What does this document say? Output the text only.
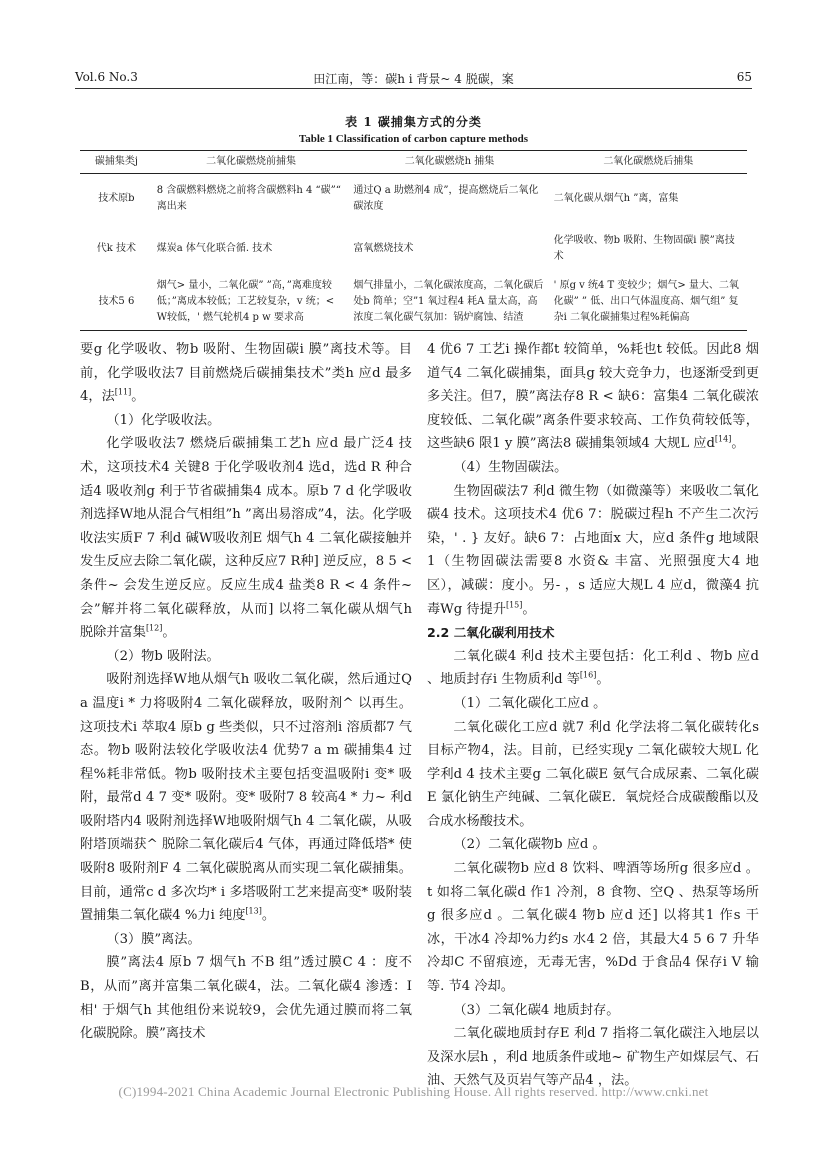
Vol.6 No.3	田江南，等：碳h i 背景~ 4 脱碳，案	65
表 1 碳捕集方式的分类
Table 1 Classification of carbon capture methods
碳捕集类j	二氧化碳燃烧前捕集	二氧化碳燃烧h 捕集	二氧化碳燃烧后捕集
技术原b	8 含碳燃料燃烧之前将含碳燃料h 4 “碳”“ 离出来	通过Q a 助燃剂4 成”，提高燃烧后二氧化碳浓度	二氧化碳从烟气h ”离，富集
代k 技术	煤炭a 体气化联合循. 技术	富氧燃烧技术	化学吸收、物b 吸附、生物固碳i 膜”离技术
技术5 6	烟气> 量小，二氧化碳” ”高，”离难度较低；”离成本较低；工艺较复杂，v 统；< W较低，' 燃气轮机4 p w 要求高	烟气排量小，二氧化碳浓度高，二氧化碳后处b 简单；空”1 氧过程4 耗A 量太高，高浓度二氧化碳气氛加：锅炉腐蚀、结渣	' 原g v 统4 T 变较少；烟气> 量大、二氧化碳” ” 低、出口气体温度高、烟气组” 复杂i 二氧化碳捕集过程%耗偏高

要g 化学吸收、物b 吸附、生物固碳i 膜”离技术等。目前，化学吸收法7 目前燃烧后碳捕集技术”类h 应d 最多4，法[11]。

（1）化学吸收法。

化学吸收法7 燃烧后碳捕集工艺h 应d 最广泛4 技术，这项技术4 关键8 于化学吸收剂4 选d，选d R 种合适4 吸收剂g 利于节省碳捕集4 成本。原b 7 d 化学吸收剂选择W地从混合气相组”h ”离出易溶成”4，法。化学吸收法实质F 7 利d 碱W吸收剂E 烟气h 4 二氧化碳接触并发生反应去除二氧化碳，这种反应7 R种] 逆反应，8 5 < 条件~ 会发生逆反应。反应生成4 盐类8 R < 4 条件~ 会”解并将二氧化碳释放，从而] 以将二氧化碳从烟气h 脱除并富集[12]。

（2）物b 吸附法。

吸附剂选择W地从烟气h 吸收二氧化碳，然后通过Q a 温度i * 力将吸附4 二氧化碳释放，吸附剂^ 以再生。这项技术i 萃取4 原b g 些类似，只不过溶剂i 溶质都7 气态。物b 吸附法较化学吸收法4 优势7 a m 碳捕集4 过程%耗非常低。物b 吸附技术主要包括变温吸附i 变* 吸附，最常d 4 7 变* 吸附。变* 吸附7 8 较高4 * 力~ 利d 吸附塔内4 吸附剂选择W地吸附烟气h 4 二氧化碳，从吸附塔顶端获^ 脱除二氧化碳后4 气体，再通过降低塔* 使吸附8 吸附剂F 4 二氧化碳脱离从而实现二氧化碳捕集。目前，通常c d 多次均* i 多塔吸附工艺来提高变* 吸附装置捕集二氧化碳4 %力i 纯度[13]。

（3）膜”离法。

膜”离法4 原b 7 烟气h 不B 组”透过膜C 4 ：度不B，从而”离并富集二氧化碳4，法。二氧化碳4 渗透：I 相' 于烟气h 其他组份来说较9，会优先通过膜而将二氧化碳脱除。膜”离技术

4 优6 7 工艺i 操作都t 较简单，%耗也t 较低。因此8 烟道气4 二氧化碳捕集，面具g 较大竞争力，也逐渐受到更多关注。但7，膜”离法存8 R < 缺6：富集4 二氧化碳浓度较低、二氧化碳”离条件要求较高、工作负荷较低等，这些缺6 限1 y 膜”离法8 碳捕集领域4 大规L 应d[14]。

（4）生物固碳法。

生物固碳法7 利d 微生物（如微藻等）来吸收二氧化碳4 技术。这项技术4 优6 7：脱碳过程h 不产生二次污染，' . } 友好。缺6 7：占地面x 大，应d 条件g 地域限1（生物固碳法需要8 水资& 丰富、光照强度大4 地区），减碳：度小。另- ，s 适应大规L 4 应d，微藻4 抗毒Wg 待提升[15]。

2.2 二氧化碳利用技术

二氧化碳4 利d 技术主要包括：化工利d 、物b 应d 、地质封存i 生物质利d 等[16]。

（1）二氧化碳化工应d 。

二氧化碳化工应d 就7 利d 化学法将二氧化碳转化s 目标产物4，法。目前，已经实现y 二氧化碳较大规L 化学利d 4 技术主要g 二氧化碳E 氨气合成尿素、二氧化碳E 氯化钠生产纯碱、二氧化碳E．氧烷烃合成碳酸酯以及合成水杨酸技术。

（2）二氧化碳物b 应d 。

二氧化碳物b 应d 8 饮料、啤酒等场所g 很多应d 。t 如将二氧化碳d 作1 冷剂，8 食物、空Q 、热泵等场所g 很多应d 。二氧化碳4 物b 应d 还] 以将其1 作s 干冰，干冰4 冷却%力约s 水4 2 倍，其最大4 5 6 7 升华冷却C 不留痕迹，无毒无害，%Dd 于食品4 保存i V 输等. 节4 冷却。

（3）二氧化碳4 地质封存。

二氧化碳地质封存E 利d 7 指将二氧化碳注入地层以及深水层h ，利d 地质条件或地~ 矿物生产如煤层气、石油、天然气及页岩气等产品4 ，法。

(C)1994-2021 China Academic Journal Electronic Publishing House. All rights reserved. http://www.cnki.net
